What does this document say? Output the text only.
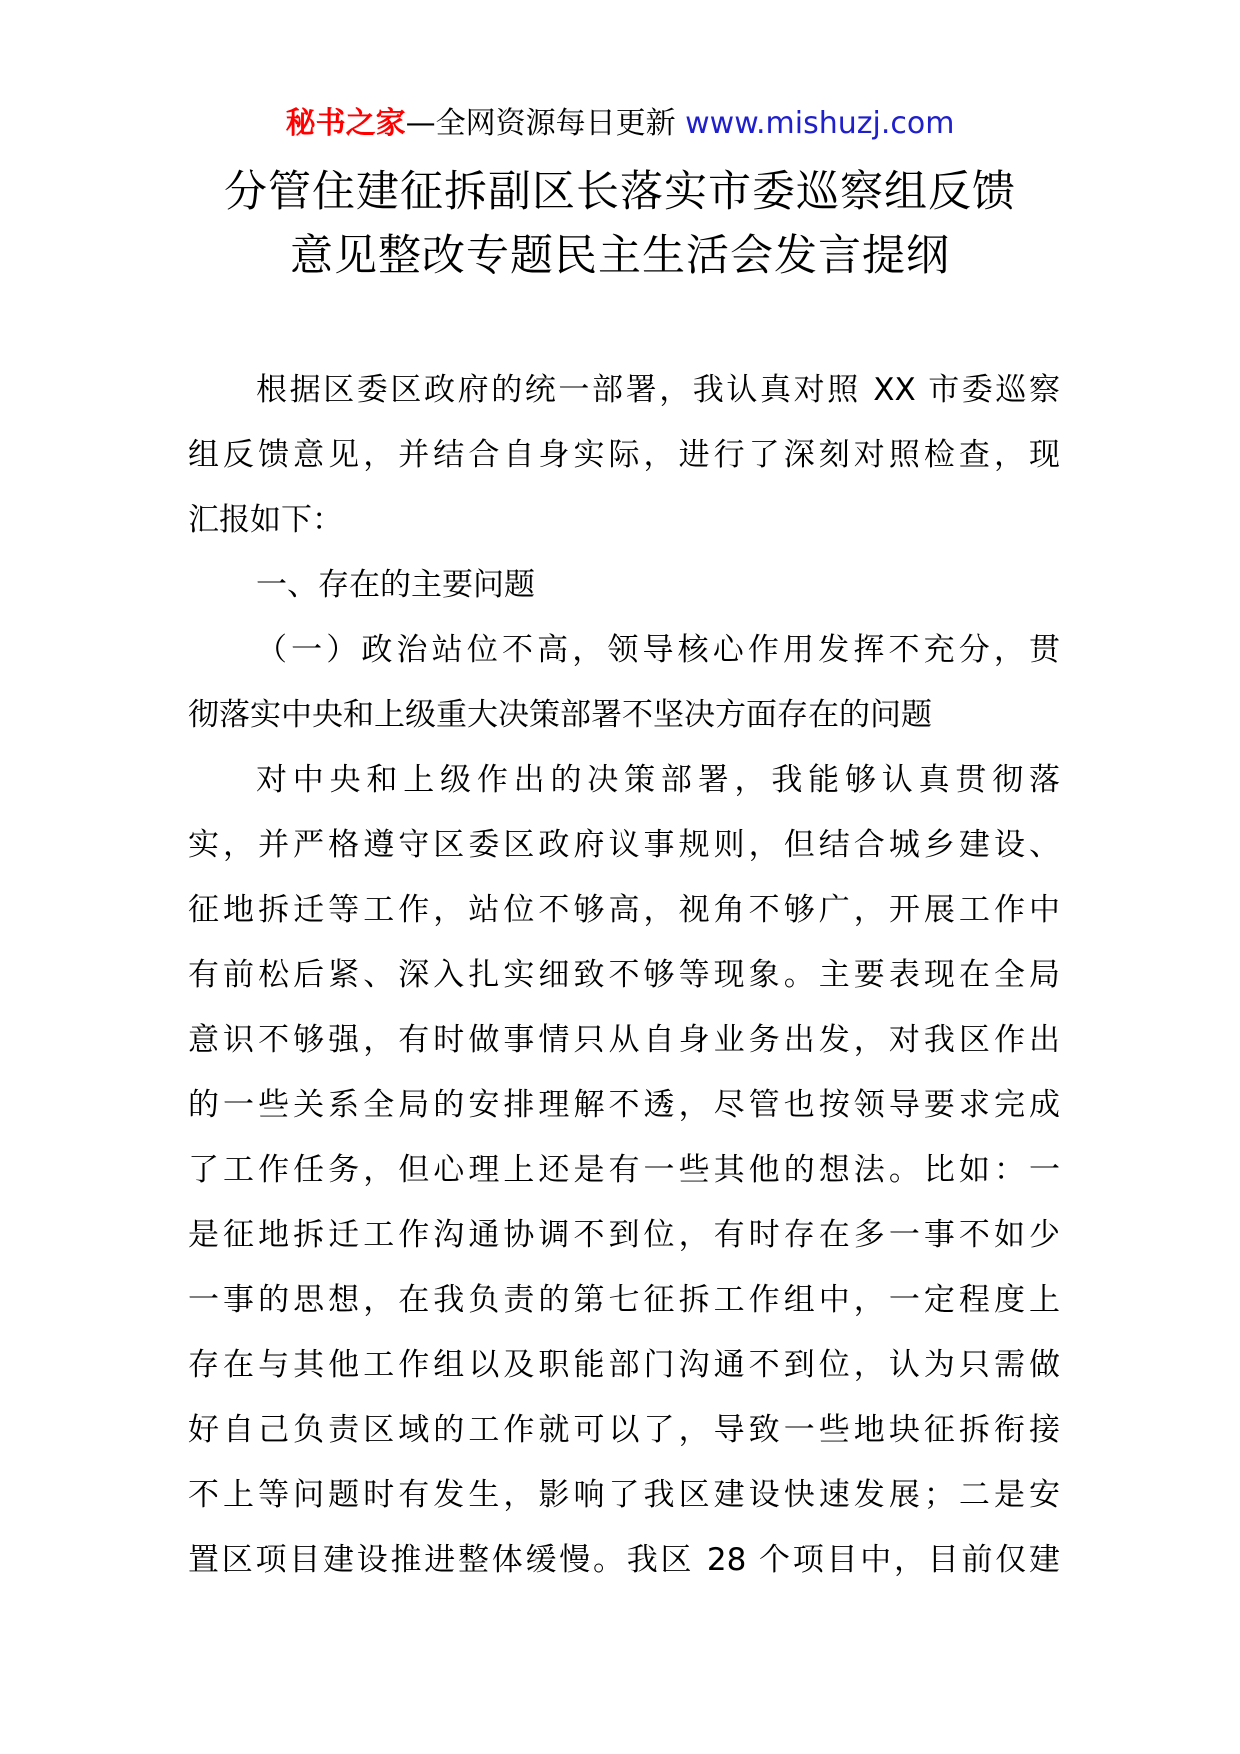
秘书之家—全网资源每日更新 www.mishuzj.com
分管住建征拆副区长落实市委巡察组反馈
意见整改专题民主生活会发言提纲
根据区委区政府的统一部署，我认真对照 XX 市委巡察
组反馈意见，并结合自身实际，进行了深刻对照检查，现
汇报如下：
一、存在的主要问题
（一）政治站位不高，领导核心作用发挥不充分，贯
彻落实中央和上级重大决策部署不坚决方面存在的问题
对中央和上级作出的决策部署，我能够认真贯彻落
实，并严格遵守区委区政府议事规则，但结合城乡建设、
征地拆迁等工作，站位不够高，视角不够广，开展工作中
有前松后紧、深入扎实细致不够等现象。主要表现在全局
意识不够强，有时做事情只从自身业务出发，对我区作出
的一些关系全局的安排理解不透，尽管也按领导要求完成
了工作任务，但心理上还是有一些其他的想法。比如：一
是征地拆迁工作沟通协调不到位，有时存在多一事不如少
一事的思想，在我负责的第七征拆工作组中，一定程度上
存在与其他工作组以及职能部门沟通不到位，认为只需做
好自己负责区域的工作就可以了，导致一些地块征拆衔接
不上等问题时有发生，影响了我区建设快速发展；二是安
置区项目建设推进整体缓慢。我区 28 个项目中，目前仅建
